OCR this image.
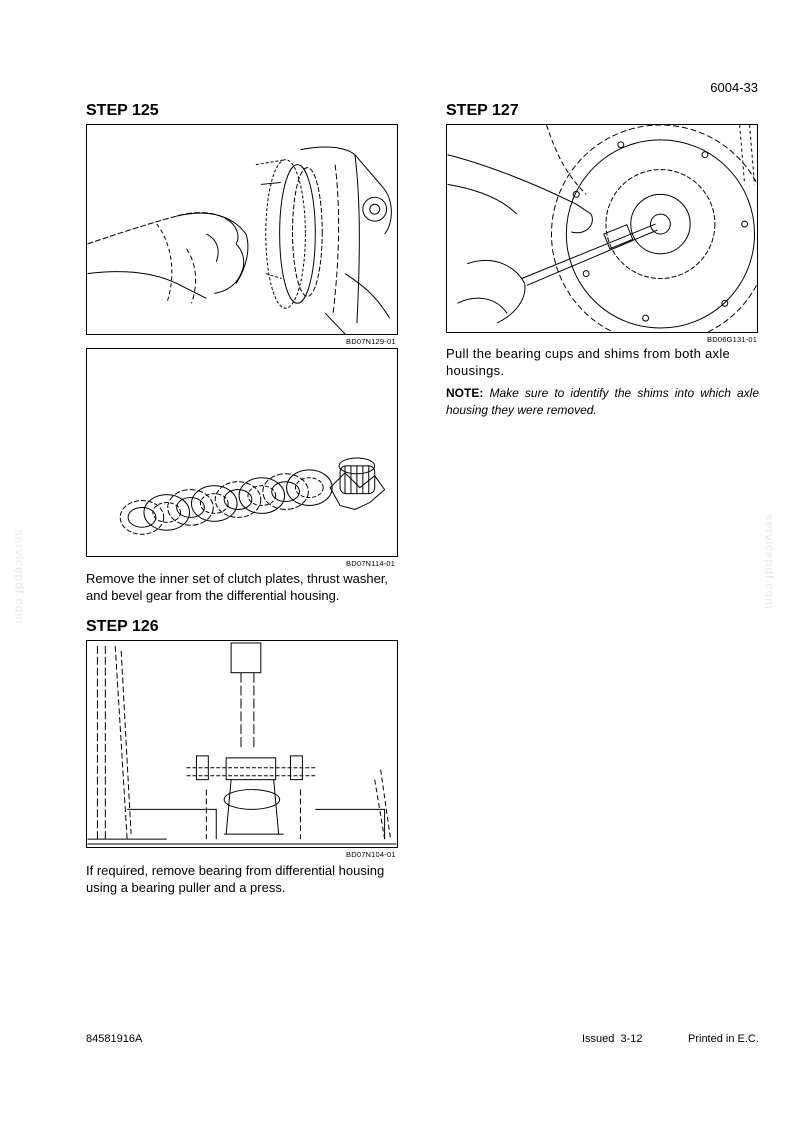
6004-33
servicepdf.com	servicepdf.com
STEP 125
BD07N129-01
BD07N114-01
Remove the inner set of clutch plates, thrust washer, and bevel gear from the differential housing.
STEP 126
BD07N104-01
If required, remove bearing from differential housing using a bearing puller and a press.
STEP 127
BD06G131-01
Pull the bearing cups and shims from both axle housings.
NOTE: Make sure to identify the shims into which axle housing they were removed.
84581916A	Issued  3-12	Printed in E.C.
